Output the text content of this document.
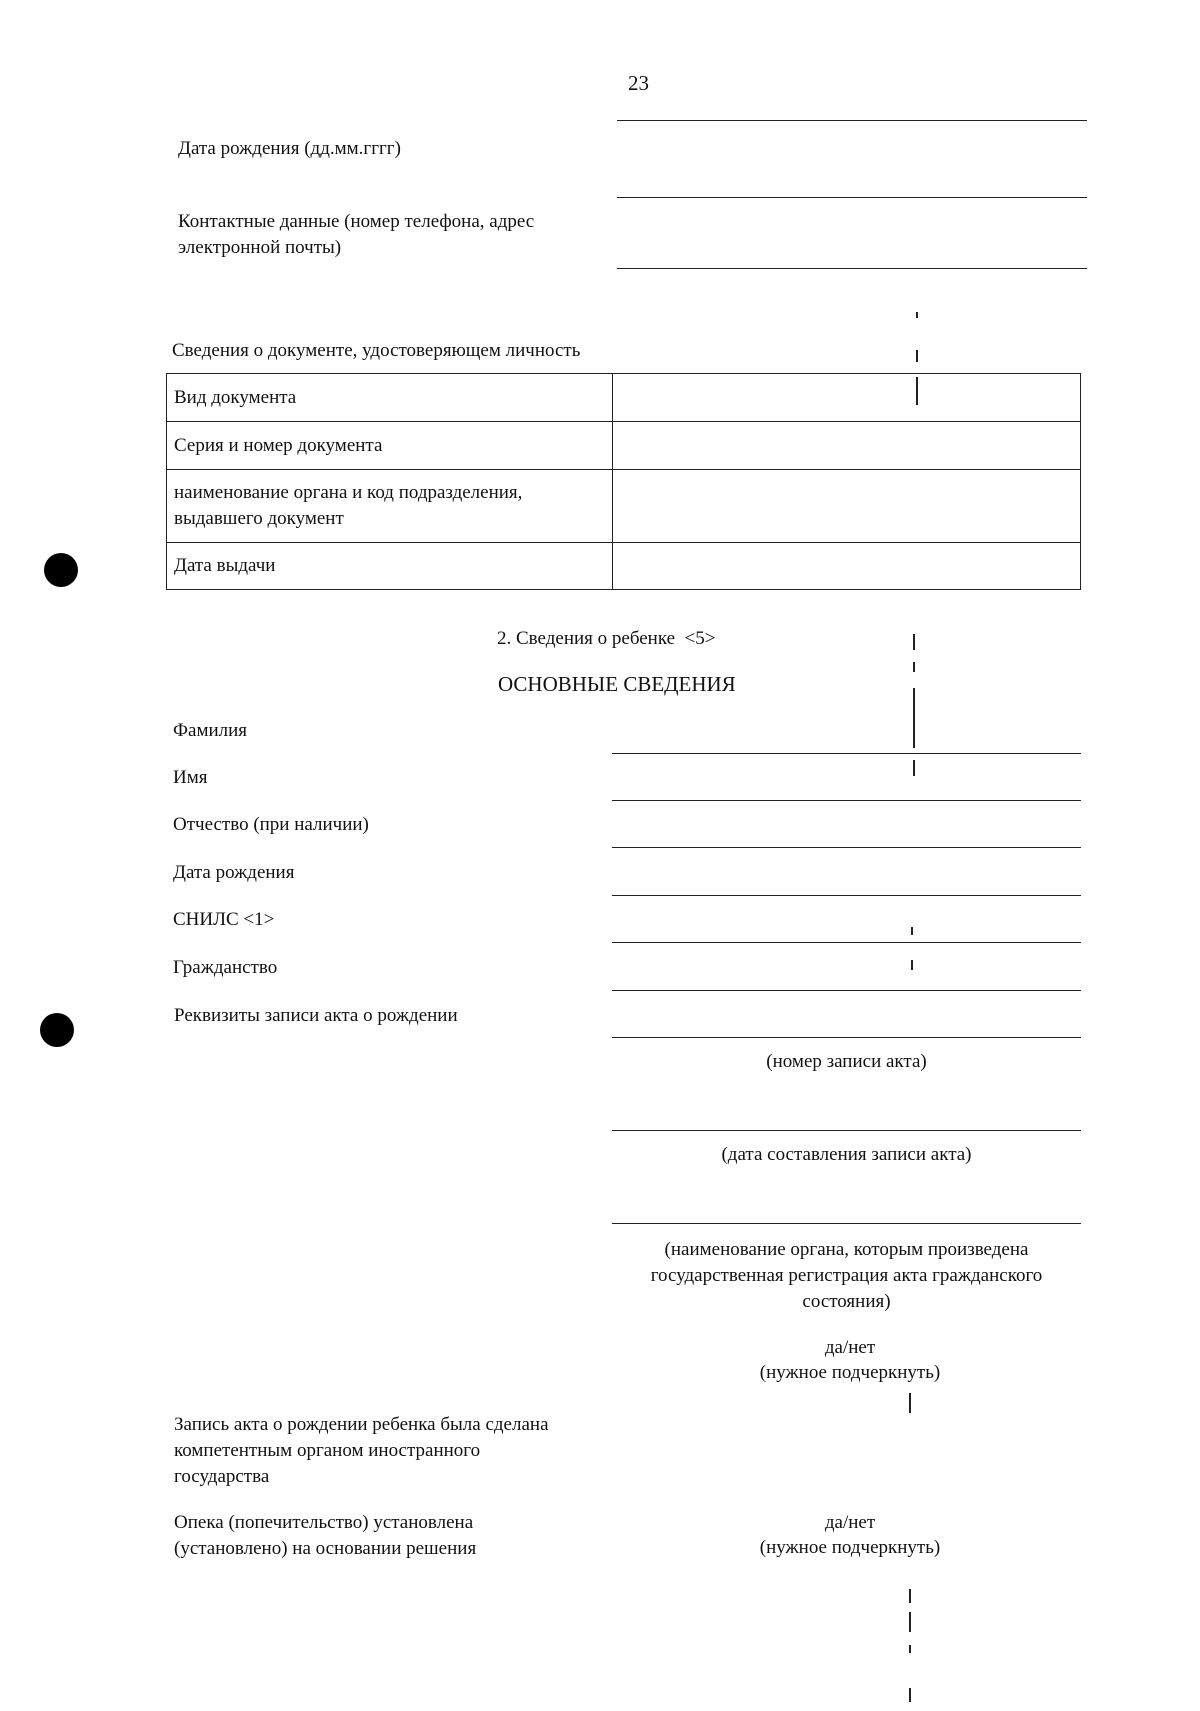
23
Дата рождения (дд.мм.гггг)
Контактные данные (номер телефона, адрес электронной почты)
Сведения о документе, удостоверяющем личность
Вид документа	
Серия и номер документа	
наименование органа и код подразделения, выдавшего документ	
Дата выдачи	
2. Сведения о ребенке  <5>
ОСНОВНЫЕ СВЕДЕНИЯ
Фамилия
Имя
Отчество (при наличии)
Дата рождения
СНИЛС <1>
Гражданство
Реквизиты записи акта о рождении
(номер записи акта)
(дата составления записи акта)
(наименование органа, которым произведена государственная регистрация акта гражданского состояния)
да/нет
(нужное подчеркнуть)
Запись акта о рождении ребенка была сделана компетентным органом иностранного государства
Опека (попечительство) установлена (установлено) на основании решения
да/нет
(нужное подчеркнуть)
